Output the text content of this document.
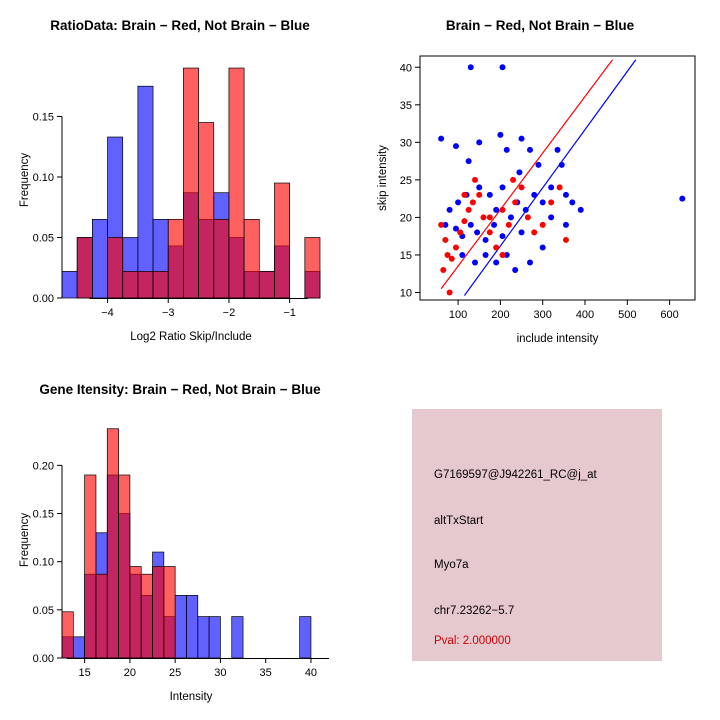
RatioData: Brain − Red, Not Brain − Blue
0.00
0.05
0.10
0.15
−4	−3	−2	−1
Log2 Ratio Skip/Include
Frequency
Brain − Red, Not Brain − Blue
10
15
20
25
30
35
40
100 200 300 400 500 600
include intensity
skip intensity
Gene Itensity: Brain − Red, Not Brain − Blue
0.00
0.05
0.10
0.15
0.20
15	20	25	30	35	40
Intensity
Frequency
G7169597@J942261_RC@j_at
altTxStart
Myo7a
chr7.23262−5.7
Pval: 2.000000
